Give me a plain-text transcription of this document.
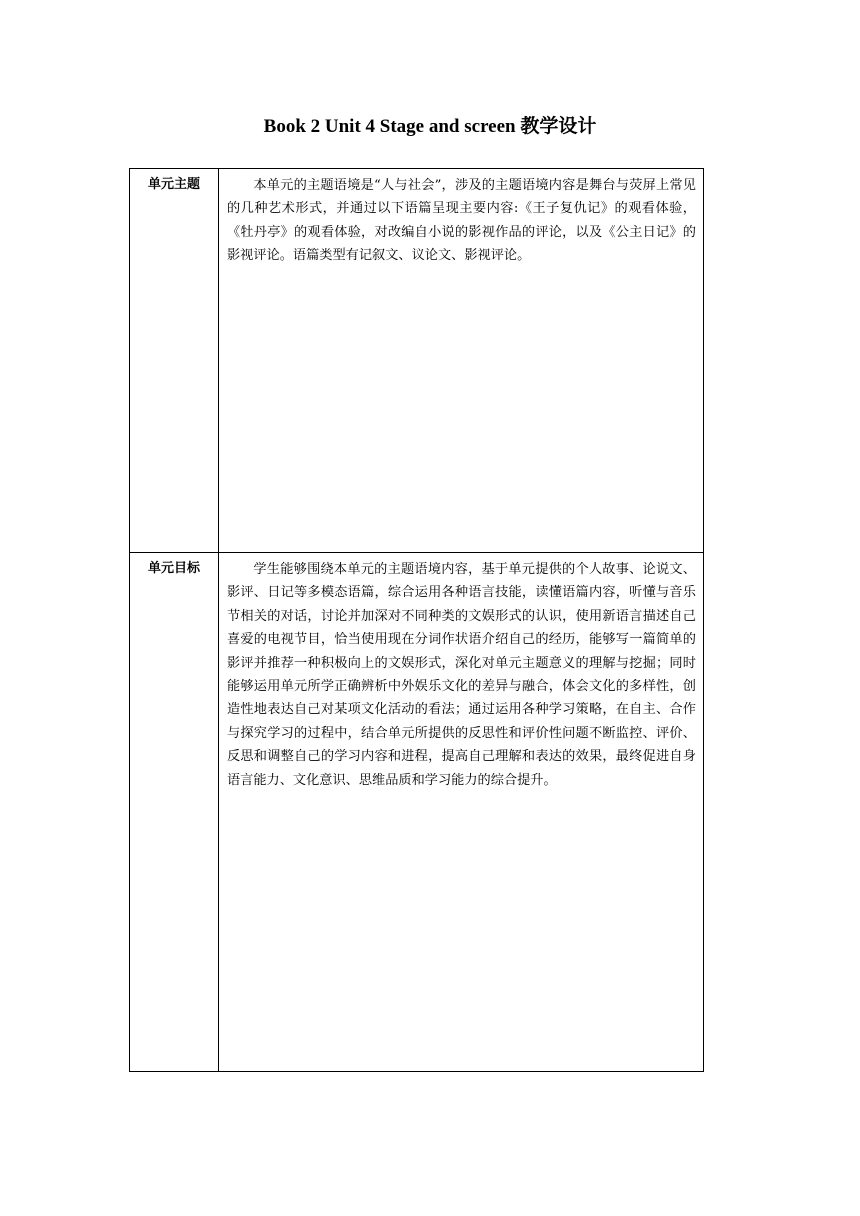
Book 2 Unit 4 Stage and screen 教学设计
单元主题	本单元的主题语境是“人与社会”，涉及的主题语境内容是舞台与荧屏上常见的几种艺术形式，并通过以下语篇呈现主要内容:《王子复仇记》的观看体验，《牡丹亭》的观看体验，对改编自小说的影视作品的评论，以及《公主日记》的影视评论。语篇类型有记叙文、议论文、影视评论。

单元目标	学生能够围绕本单元的主题语境内容，基于单元提供的个人故事、论说文、影评、日记等多模态语篇，综合运用各种语言技能，读懂语篇内容，听懂与音乐节相关的对话，讨论并加深对不同种类的文娱形式的认识，使用新语言描述自己喜爱的电视节目，恰当使用现在分词作状语介绍自己的经历，能够写一篇简单的影评并推荐一种积极向上的文娱形式，深化对单元主题意义的理解与挖掘；同时能够运用单元所学正确辨析中外娱乐文化的差异与融合，体会文化的多样性，创造性地表达自己对某项文化活动的看法；通过运用各种学习策略，在自主、合作与探究学习的过程中，结合单元所提供的反思性和评价性问题不断监控、评价、反思和调整自己的学习内容和进程，提高自己理解和表达的效果，最终促进自身语言能力、文化意识、思维品质和学习能力的综合提升。
